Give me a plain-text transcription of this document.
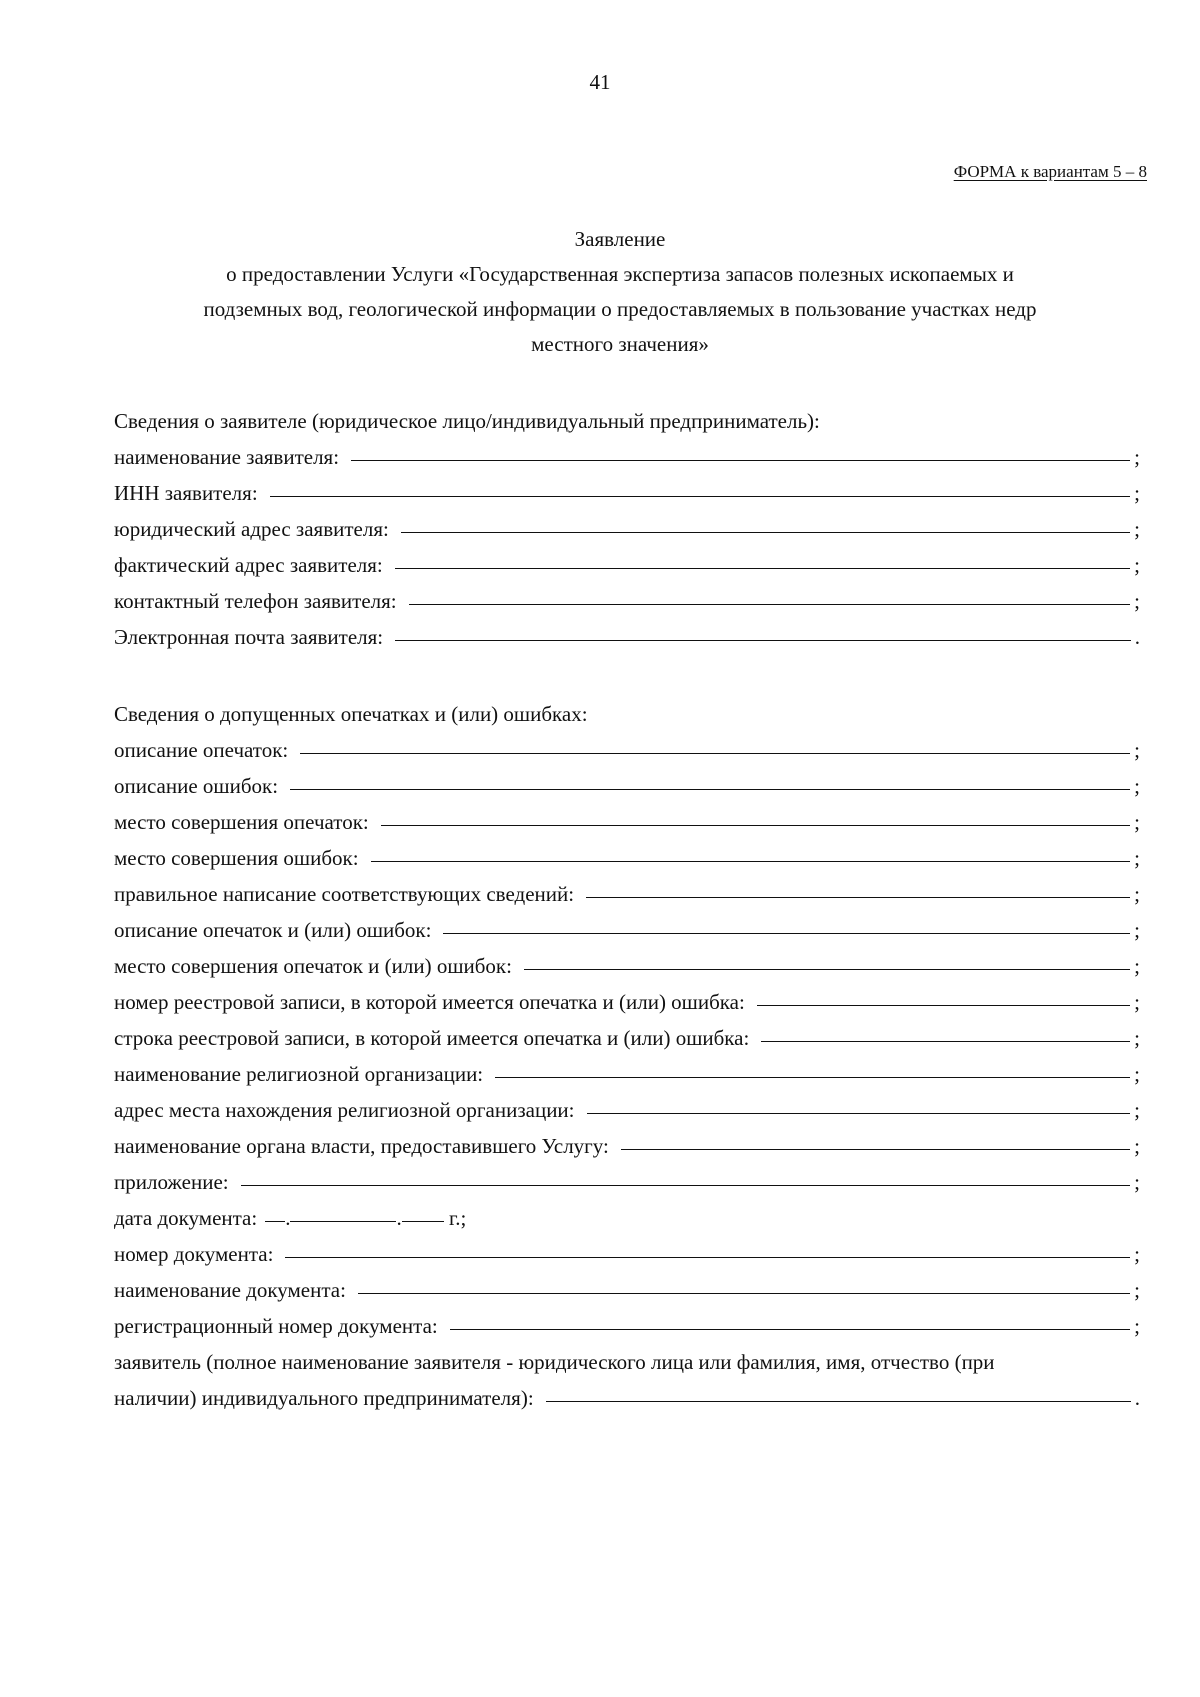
41
ФОРМА к вариантам 5 – 8
Заявление
о предоставлении Услуги «Государственная экспертиза запасов полезных ископаемых и
подземных вод, геологической информации о предоставляемых в пользование участках недр
местного значения»
Сведения о заявителе (юридическое лицо/индивидуальный предприниматель):
наименование заявителя:	;
ИНН заявителя:	;
юридический адрес заявителя:	;
фактический адрес заявителя:	;
контактный телефон заявителя:	;
Электронная почта заявителя:	.
Сведения о допущенных опечатках и (или) ошибках:
описание опечаток:	;
описание ошибок:	;
место совершения опечаток:	;
место совершения ошибок:	;
правильное написание соответствующих сведений:	;
описание опечаток и (или) ошибок:	;
место совершения опечаток и (или) ошибок:	;
номер реестровой записи, в которой имеется опечатка и (или) ошибка:	;
строка реестровой записи, в которой имеется опечатка и (или) ошибка:	;
наименование религиозной организации:	;
адрес места нахождения религиозной организации:	;
наименование органа власти, предоставившего Услугу:	;
приложение:	;
дата документа: .	. г.;
номер документа:	;
наименование документа:	;
регистрационный номер документа:	;
заявитель (полное наименование заявителя - юридического лица или фамилия, имя, отчество (при
наличии) индивидуального предпринимателя):	.
